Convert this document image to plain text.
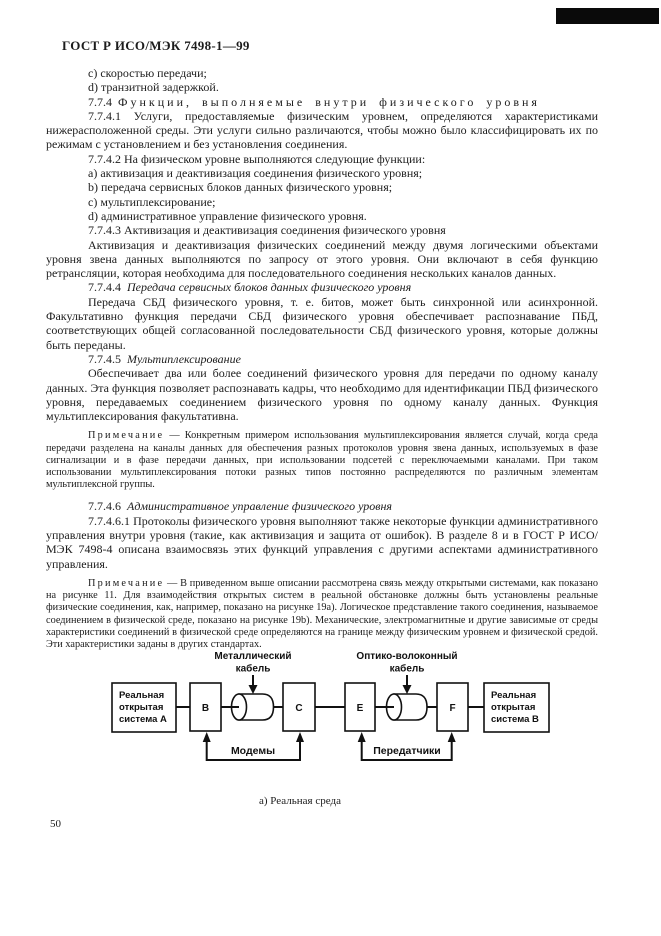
ГОСТ Р ИСО/МЭК 7498-1—99
c) скоростью передачи;
d) транзитной задержкой.
7.7.4 Функции, выполняемые внутри физического уровня

7.7.4.1 Услуги, предоставляемые физическим уровнем, определяются характеристиками нижерасположенной среды. Эти услуги сильно различаются, чтобы можно было классифицировать их по режимам с установлением и без установления соединения.

7.7.4.2 На физическом уровне выполняются следующие функции:
a) активизация и деактивизация соединения физического уровня;
b) передача сервисных блоков данных физического уровня;
c) мультиплексирование;
d) административное управление физического уровня.
7.7.4.3 Активизация и деактивизация соединения физического уровня

Активизация и деактивизация физических соединений между двумя логическими объектами уровня звена данных выполняются по запросу от этого уровня. Они включают в себя функцию ретрансляции, которая необходима для последовательного соединения нескольких каналов данных.

7.7.4.4 Передача сервисных блоков данных физического уровня

Передача СБД физического уровня, т. е. битов, может быть синхронной или асинхронной. Факультативно функция передачи СБД физического уровня обеспечивает распознавание ПБД, соответствующих общей согласованной последовательности СБД физического уровня, которые должны быть переданы.

7.7.4.5 Мультиплексирование

Обеспечивает два или более соединений физического уровня для передачи по одному каналу данных. Эта функция позволяет распознавать кадры, что необходимо для идентификации ПБД физического уровня, передаваемых соединением физического уровня по одному каналу данных. Функция мультиплексирования факультативна.

Примечание — Конкретным примером использования мультиплексирования является случай, когда среда передачи разделена на каналы данных для обеспечения разных протоколов уровня звена данных, используемых в фазе сигнализации и в фазе передачи данных, при использовании подсетей с переключаемыми каналами. При таком использовании мультиплексирования потоки разных типов постоянно распределяются по различным элементам мультиплексной группы.
7.7.4.6 Административное управление физического уровня

7.7.4.6.1 Протоколы физического уровня выполняют также некоторые функции административного управления внутри уровня (такие, как активизация и защита от ошибок). В разделе 8 и в ГОСТ Р ИСО/МЭК 7498-4 описана взаимосвязь этих функций управления с другими аспектами административного управления.

Примечание — В приведенном выше описании рассмотрена связь между открытыми системами, как показано на рисунке 11. Для взаимодействия открытых систем в реальной обстановке должны быть установлены реальные физические соединения, как, например, показано на рисунке 19а). Логическое представление такого соединения, называемое соединением в физической среде, показано на рисунке 19b). Механические, электромагнитные и другие зависимые от среды характеристики соединений в физической среде определяются на границе между физическим уровнем и физической средой. Эти характеристики заданы в других стандартах.
Реальная
открытая
система А
Реальная
открытая
система В
B	C	E	F
Металлический
кабель
Оптико-волоконный
кабель
Модемы	Передатчики
а) Реальная среда
50
